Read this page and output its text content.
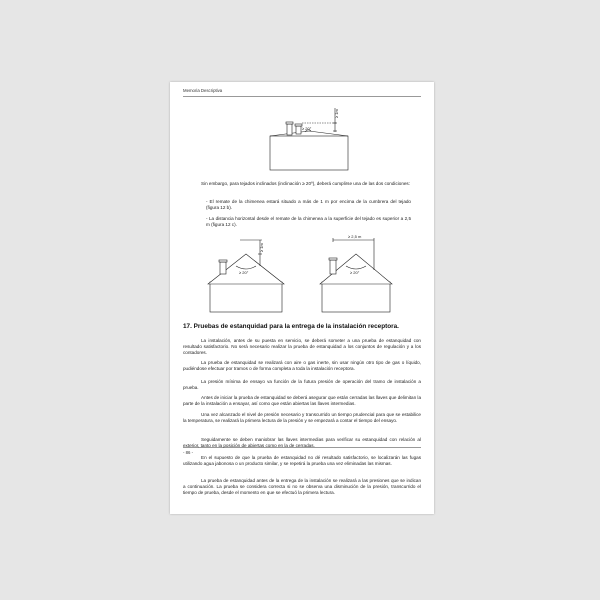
Memoria Descriptiva
≥ 20°
≥ 1m
Sin embargo, para tejados inclinados (inclinación ≥ 20º), deberá cumplirse una de las dos condiciones:
- El remate de la chimenea estará situado a más de 1 m por encima de la cumbrera del tejado (figura 12 b).
- La distancia horizontal desde el remate de la chimenea a la superficie del tejado es superior a 2,5 m (figura 12 c).
≥ 20°
≥ 1m
≥ 2,5 m
≥ 20°
17. Pruebas de estanquidad para la entrega de la instalación receptora.
La instalación, antes de su puesta en servicio, se deberá someter a una prueba de estanquidad con resultado satisfactorio. No será necesario realizar la prueba de estanquidad a los conjuntos de regulación y a los contadores.
La prueba de estanquidad se realizará con aire o gas inerte, sin usar ningún otro tipo de gas o líquido, pudiéndose efectuar por tramos o de forma completa a toda la instalación receptora.
La presión mínima de ensayo va función de la futura presión de operación del tramo de instalación a prueba.
Antes de iniciar la prueba de estanquidad se deberá asegurar que están cerradas las llaves que delimitan la parte de la instalación a ensayar, así como que están abiertas las llaves intermedias.
Una vez alcanzado el nivel de presión necesario y transcurrido un tiempo prudencial para que se estabilice la temperatura, se realizará la primera lectura de la presión y se empezará a contar el tiempo del ensayo.
- 86 -
Seguidamente se deben maniobrar las llaves intermedias para verificar su estanquidad con relación al exterior, tanto en la posición de abiertas como en la de cerradas.
En el supuesto de que la prueba de estanquidad no dé resultado satisfactorio, se localizarán las fugas utilizando agua jabonosa o un producto similar, y se repetirá la prueba una vez eliminadas las mismas.
La prueba de estanquidad antes de la entrega de la instalación se realizará a las presiones que se indican a continuación. La prueba se considera correcta si no se observa una disminución de la presión, transcurrido el tiempo de prueba, desde el momento en que se efectuó la primera lectura.
